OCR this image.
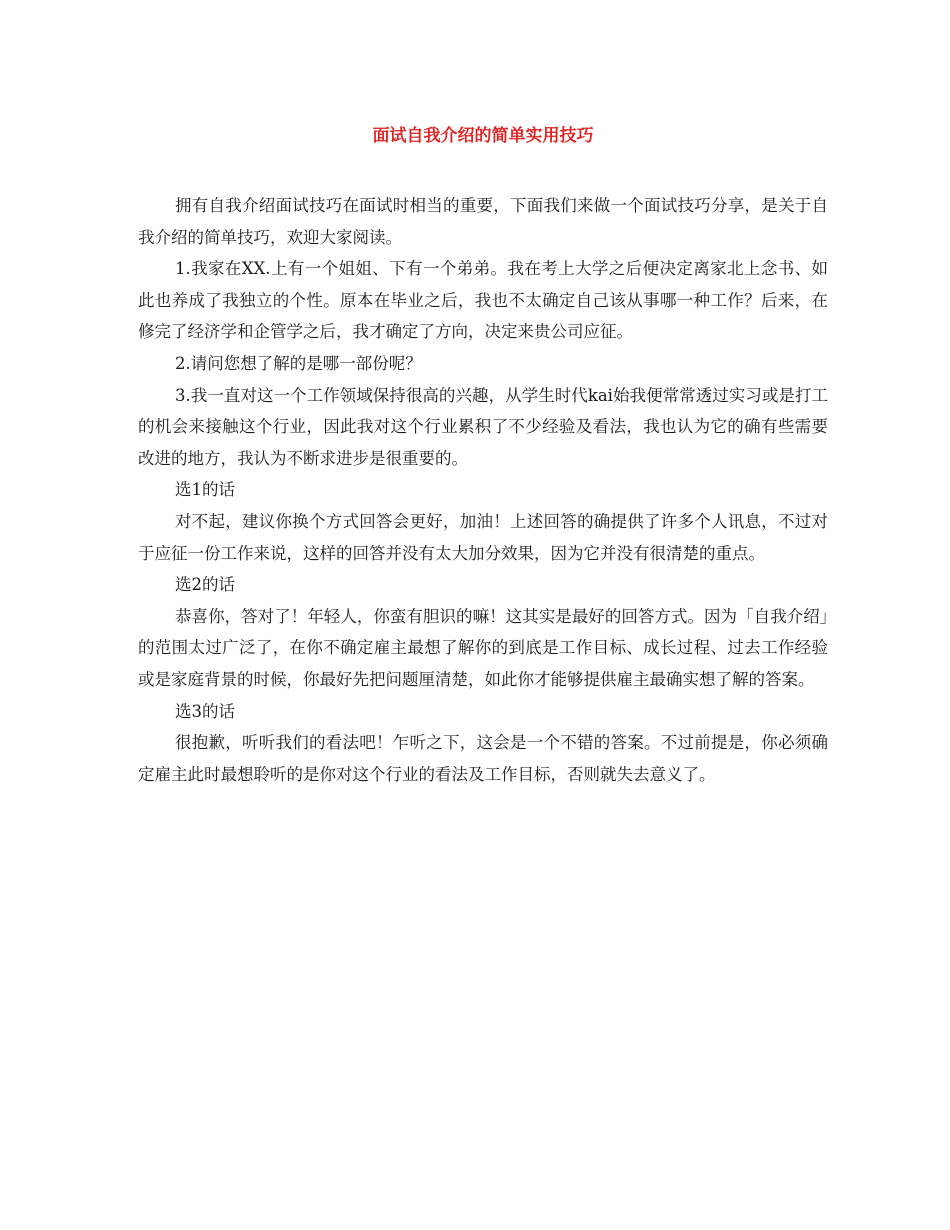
面试自我介绍的简单实用技巧

拥有自我介绍面试技巧在面试时相当的重要，下面我们来做一个面试技巧分享，是关于自我介绍的简单技巧，欢迎大家阅读。

1.我家在XX.上有一个姐姐、下有一个弟弟。我在考上大学之后便决定离家北上念书、如此也养成了我独立的个性。原本在毕业之后，我也不太确定自己该从事哪一种工作？后来，在修完了经济学和企管学之后，我才确定了方向，决定来贵公司应征。

2.请问您想了解的是哪一部份呢？

3.我一直对这一个工作领域保持很高的兴趣，从学生时代kai始我便常常透过实习或是打工的机会来接触这个行业，因此我对这个行业累积了不少经验及看法，我也认为它的确有些需要改进的地方，我认为不断求进步是很重要的。

选1的话

对不起，建议你换个方式回答会更好，加油！上述回答的确提供了许多个人讯息，不过对于应征一份工作来说，这样的回答并没有太大加分效果，因为它并没有很清楚的重点。

选2的话

恭喜你，答对了！年轻人，你蛮有胆识的嘛！这其实是最好的回答方式。因为「自我介绍」的范围太过广泛了，在你不确定雇主最想了解你的到底是工作目标、成长过程、过去工作经验或是家庭背景的时候，你最好先把问题厘清楚，如此你才能够提供雇主最确实想了解的答案。

选3的话

很抱歉，听听我们的看法吧！乍听之下，这会是一个不错的答案。不过前提是，你必须确定雇主此时最想聆听的是你对这个行业的看法及工作目标，否则就失去意义了。
